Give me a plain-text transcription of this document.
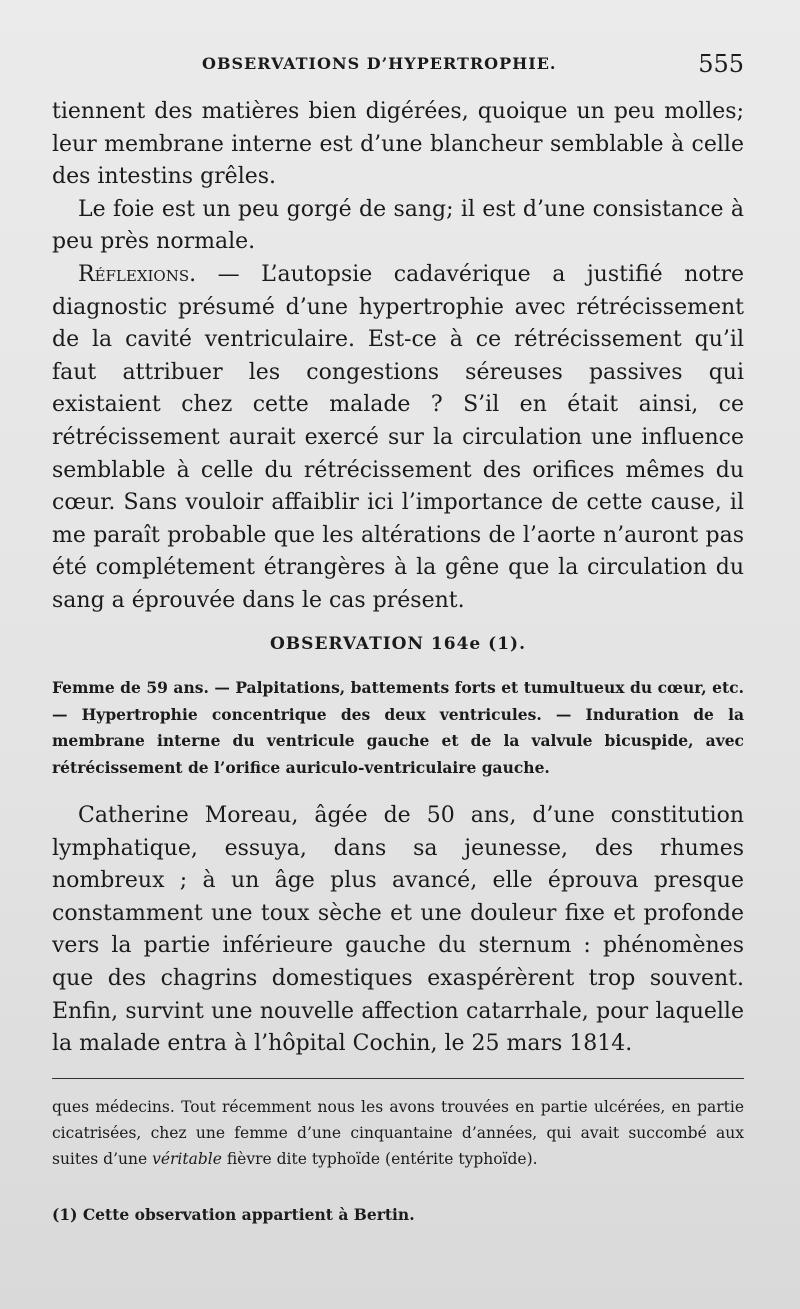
OBSERVATIONS D’HYPERTROPHIE.	555

tiennent des matières bien digérées, quoique un peu molles; leur membrane interne est d’une blancheur semblable à celle des intestins grêles.

Le foie est un peu gorgé de sang; il est d’une consistance à peu près normale.

Réflexions. — L’autopsie cadavérique a justifié notre diagnostic présumé d’une hypertrophie avec rétrécissement de la cavité ventriculaire. Est-ce à ce rétrécissement qu’il faut attribuer les congestions séreuses passives qui existaient chez cette malade ? S’il en était ainsi, ce rétrécissement aurait exercé sur la circulation une influence semblable à celle du rétrécissement des orifices mêmes du cœur. Sans vouloir affaiblir ici l’importance de cette cause, il me paraît probable que les altérations de l’aorte n’auront pas été complétement étrangères à la gêne que la circulation du sang a éprouvée dans le cas présent.

OBSERVATION 164e (1).
Femme de 59 ans. — Palpitations, battements forts et tumultueux du cœur, etc. — Hypertrophie concentrique des deux ventricules. — Induration de la membrane interne du ventricule gauche et de la valvule bicuspide, avec rétrécissement de l’orifice auriculo-ventriculaire gauche.

Catherine Moreau, âgée de 50 ans, d’une constitution lymphatique, essuya, dans sa jeunesse, des rhumes nombreux ; à un âge plus avancé, elle éprouva presque constamment une toux sèche et une douleur fixe et profonde vers la partie inférieure gauche du sternum : phénomènes que des chagrins domestiques exaspérèrent trop souvent. Enfin, survint une nouvelle affection catarrhale, pour laquelle la malade entra à l’hôpital Cochin, le 25 mars 1814.

ques médecins. Tout récemment nous les avons trouvées en partie ulcérées, en partie cicatrisées, chez une femme d’une cinquantaine d’années, qui avait succombé aux suites d’une véritable fièvre dite typhoïde (entérite typhoïde).
(1) Cette observation appartient à Bertin.
